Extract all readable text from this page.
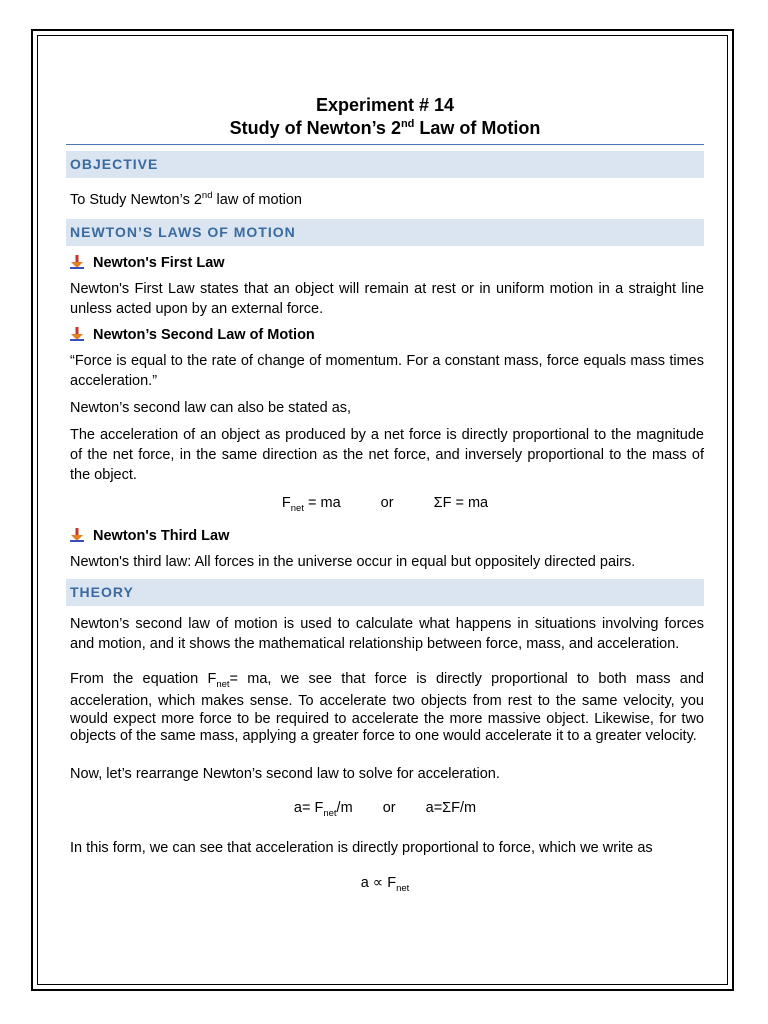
Experiment # 14
Study of Newton’s 2nd Law of Motion
OBJECTIVE

To Study Newton’s 2nd law of motion

NEWTON’S LAWS OF MOTION
Newton's First Law

Newton's First Law states that an object will remain at rest or in uniform motion in a straight line unless acted upon by an external force.

Newton’s Second Law of Motion

“Force is equal to the rate of change of momentum. For a constant mass, force equals mass times acceleration.”

Newton’s second law can also be stated as,

The acceleration of an object as produced by a net force is directly proportional to the magnitude of the net force, in the same direction as the net force, and inversely proportional to the mass of the object.

$F_{net}$ = ma	or	ΣF = ma
Newton's Third Law

Newton's third law: All forces in the universe occur in equal but oppositely directed pairs.

THEORY

Newton’s second law of motion is used to calculate what happens in situations involving forces and motion, and it shows the mathematical relationship between force, mass, and acceleration.

From the equation $F_{net}=$ ma, we see that force is directly proportional to both mass and acceleration, which makes sense. To accelerate two objects from rest to the same velocity, you would expect more force to be required to accelerate the more massive object. Likewise, for two objects of the same mass, applying a greater force to one would accelerate it to a greater velocity.

Now, let’s rearrange Newton’s second law to solve for acceleration.

$a= F_{net}/m$ or a=ΣF/m

In this form, we can see that acceleration is directly proportional to force, which we write as

$a \propto F_{net}$
